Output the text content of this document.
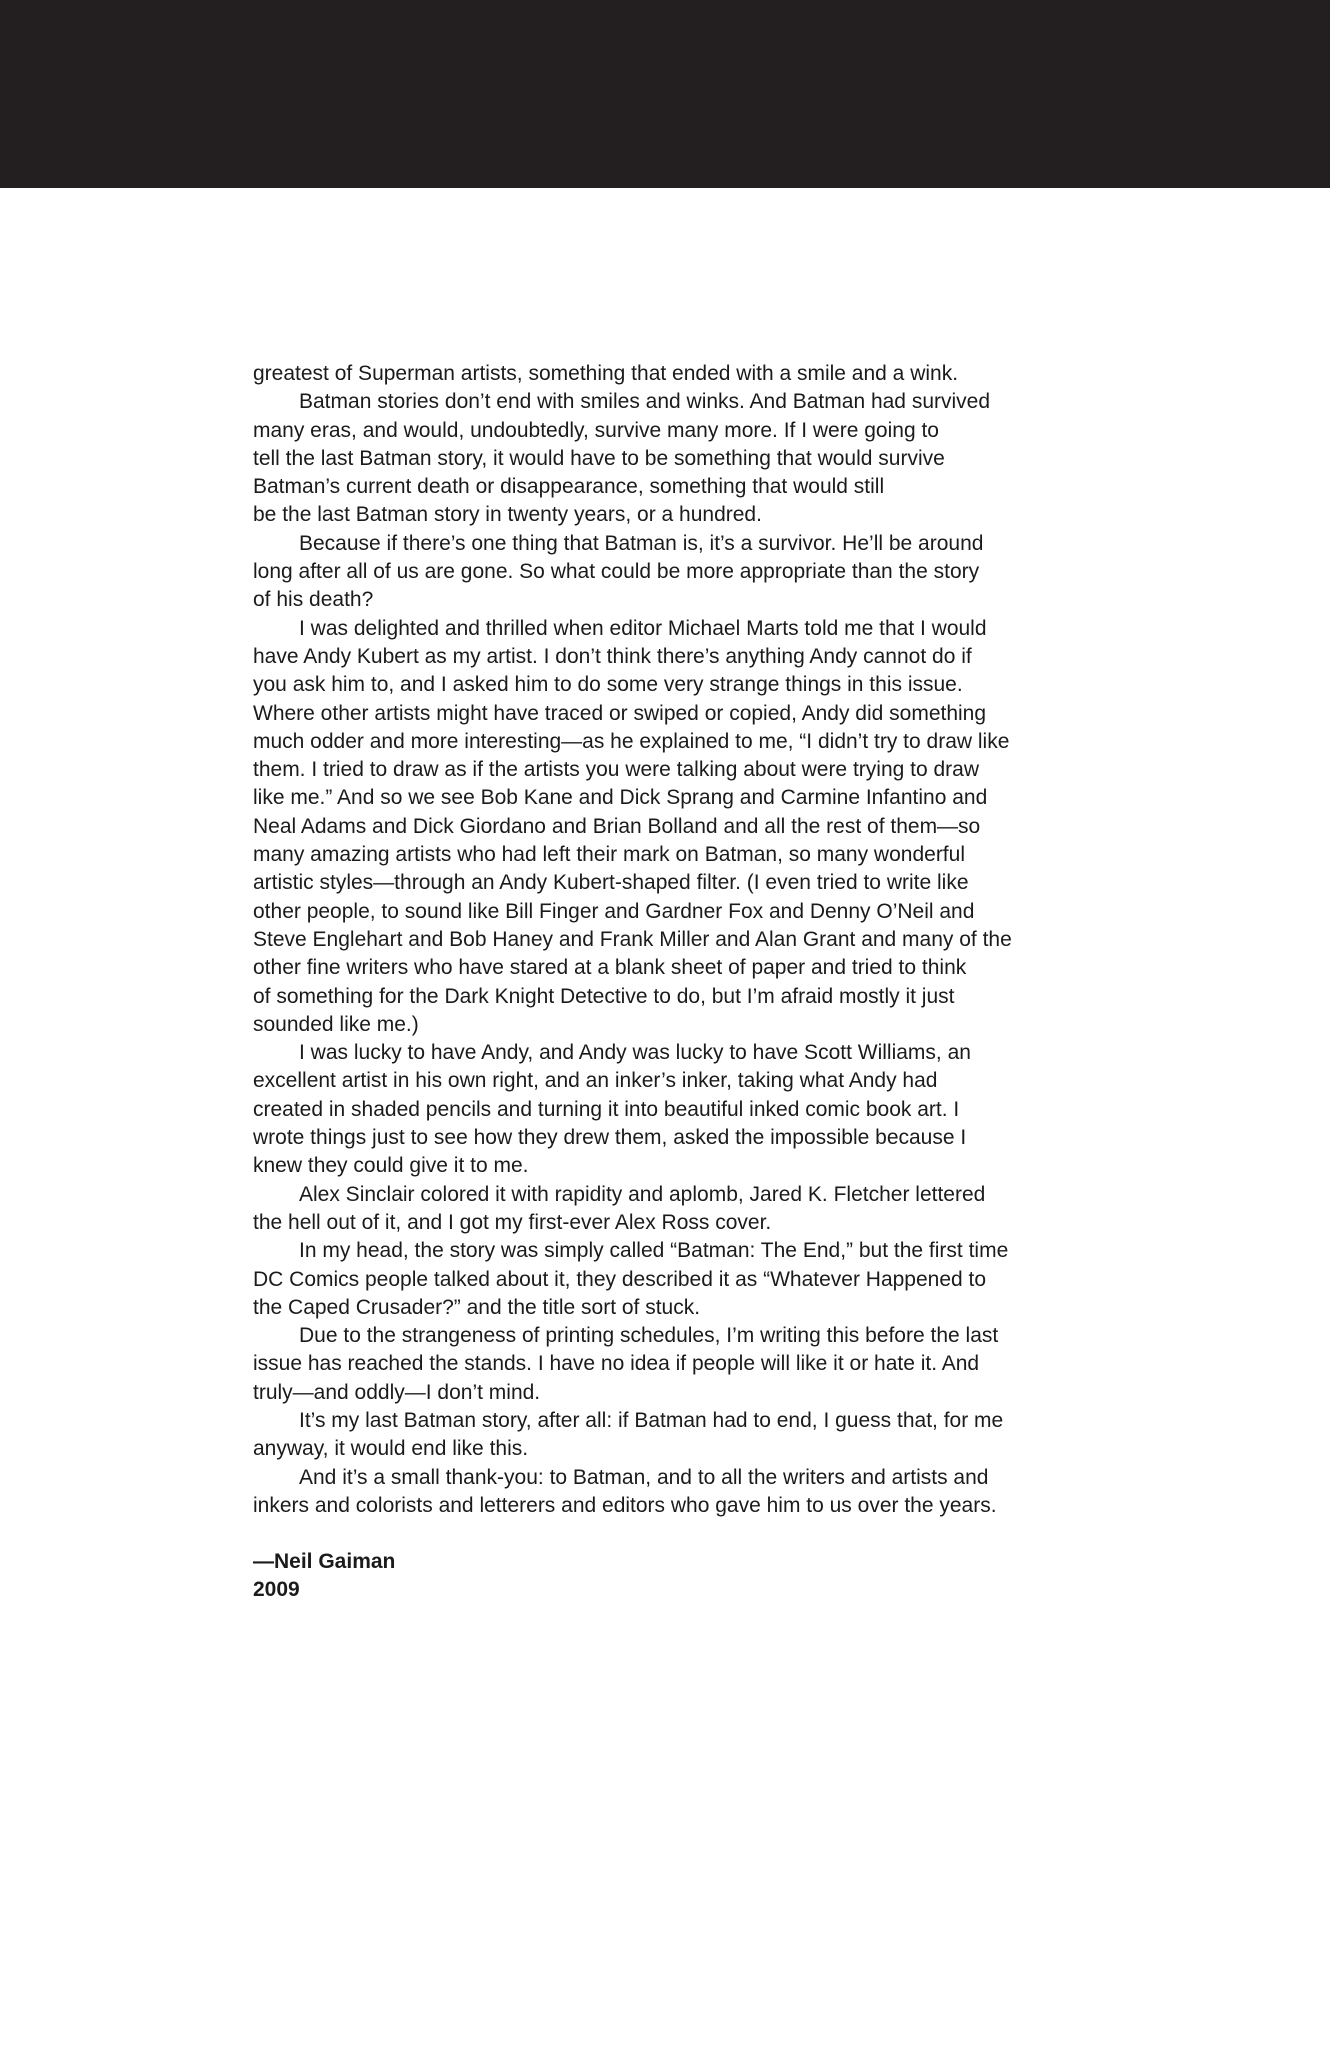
greatest of Superman artists, something that ended with a smile and a wink.
Batman stories don’t end with smiles and winks. And Batman had survived
many eras, and would, undoubtedly, survive many more. If I were going to
tell the last Batman story, it would have to be something that would survive
Batman’s current death or disappearance, something that would still
be the last Batman story in twenty years, or a hundred.
Because if there’s one thing that Batman is, it’s a survivor. He’ll be around
long after all of us are gone. So what could be more appropriate than the story
of his death?
I was delighted and thrilled when editor Michael Marts told me that I would
have Andy Kubert as my artist. I don’t think there’s anything Andy cannot do if
you ask him to, and I asked him to do some very strange things in this issue.
Where other artists might have traced or swiped or copied, Andy did something
much odder and more interesting—as he explained to me, “I didn’t try to draw like
them. I tried to draw as if the artists you were talking about were trying to draw
like me.” And so we see Bob Kane and Dick Sprang and Carmine Infantino and
Neal Adams and Dick Giordano and Brian Bolland and all the rest of them—so
many amazing artists who had left their mark on Batman, so many wonderful
artistic styles—through an Andy Kubert-shaped filter. (I even tried to write like
other people, to sound like Bill Finger and Gardner Fox and Denny O’Neil and
Steve Englehart and Bob Haney and Frank Miller and Alan Grant and many of the
other fine writers who have stared at a blank sheet of paper and tried to think
of something for the Dark Knight Detective to do, but I’m afraid mostly it just
sounded like me.)
I was lucky to have Andy, and Andy was lucky to have Scott Williams, an
excellent artist in his own right, and an inker’s inker, taking what Andy had
created in shaded pencils and turning it into beautiful inked comic book art. I
wrote things just to see how they drew them, asked the impossible because I
knew they could give it to me.
Alex Sinclair colored it with rapidity and aplomb, Jared K. Fletcher lettered
the hell out of it, and I got my first-ever Alex Ross cover.
In my head, the story was simply called “Batman: The End,” but the first time
DC Comics people talked about it, they described it as “Whatever Happened to
the Caped Crusader?” and the title sort of stuck.
Due to the strangeness of printing schedules, I’m writing this before the last
issue has reached the stands. I have no idea if people will like it or hate it. And
truly—and oddly—I don’t mind.
It’s my last Batman story, after all: if Batman had to end, I guess that, for me
anyway, it would end like this.
And it’s a small thank-you: to Batman, and to all the writers and artists and
inkers and colorists and letterers and editors who gave him to us over the years.
—Neil Gaiman
2009
